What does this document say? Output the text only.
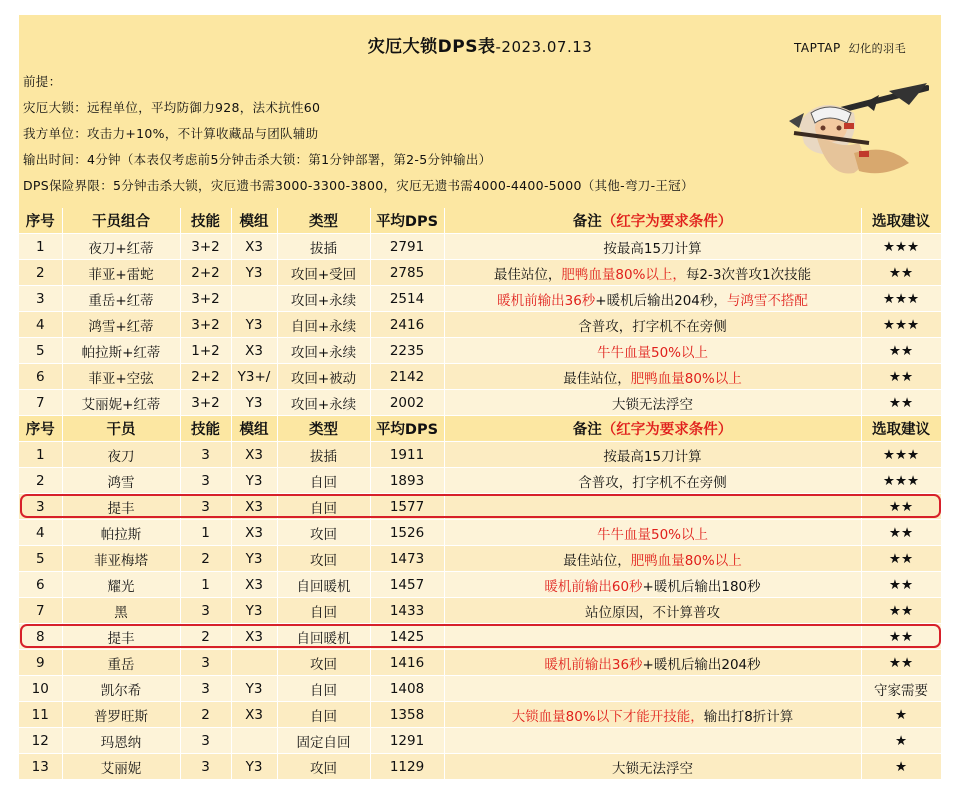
灾厄大锁DPS表-2023.07.13	TAPTAP 幻化的羽毛
前提：
灾厄大锁：远程单位，平均防御力928，法术抗性60
我方单位：攻击力+10%，不计算收藏品与团队辅助
输出时间：4分钟（本表仅考虑前5分钟击杀大锁：第1分钟部署，第2-5分钟输出）
DPS保险界限：5分钟击杀大锁，灾厄遗书需3000-3300-3800，灾厄无遗书需4000-4400-5000（其他-弯刀-王冠）
序号	干员组合	技能	模组	类型	平均DPS	备注（红字为要求条件）	选取建议
1	夜刀+红蒂	3+2	X3	拔插	2791	按最高15刀计算	★★★
2	菲亚+雷蛇	2+2	Y3	攻回+受回	2785	最佳站位，肥鸭血量80%以上，每2-3次普攻1次技能	★★
3	重岳+红蒂	3+2		攻回+永续	2514	暖机前输出36秒+暖机后输出204秒，与鸿雪不搭配	★★★
4	鸿雪+红蒂	3+2	Y3	自回+永续	2416	含普攻，打字机不在旁侧	★★★
5	帕拉斯+红蒂	1+2	X3	攻回+永续	2235	牛牛血量50%以上	★★
6	菲亚+空弦	2+2	Y3+/	攻回+被动	2142	最佳站位，肥鸭血量80%以上	★★
7	艾丽妮+红蒂	3+2	Y3	攻回+永续	2002	大锁无法浮空	★★
序号	干员	技能	模组	类型	平均DPS	备注（红字为要求条件）	选取建议
1	夜刀	3	X3	拔插	1911	按最高15刀计算	★★★
2	鸿雪	3	Y3	自回	1893	含普攻，打字机不在旁侧	★★★
3	提丰	3	X3	自回	1577		★★
4	帕拉斯	1	X3	攻回	1526	牛牛血量50%以上	★★
5	菲亚梅塔	2	Y3	攻回	1473	最佳站位，肥鸭血量80%以上	★★
6	耀光	1	X3	自回暖机	1457	暖机前输出60秒+暖机后输出180秒	★★
7	黑	3	Y3	自回	1433	站位原因，不计算普攻	★★
8	提丰	2	X3	自回暖机	1425		★★
9	重岳	3		攻回	1416	暖机前输出36秒+暖机后输出204秒	★★
10	凯尔希	3	Y3	自回	1408		守家需要
11	普罗旺斯	2	X3	自回	1358	大锁血量80%以下才能开技能，输出打8折计算	★
12	玛恩纳	3		固定自回	1291		★
13	艾丽妮	3	Y3	攻回	1129	大锁无法浮空	★
